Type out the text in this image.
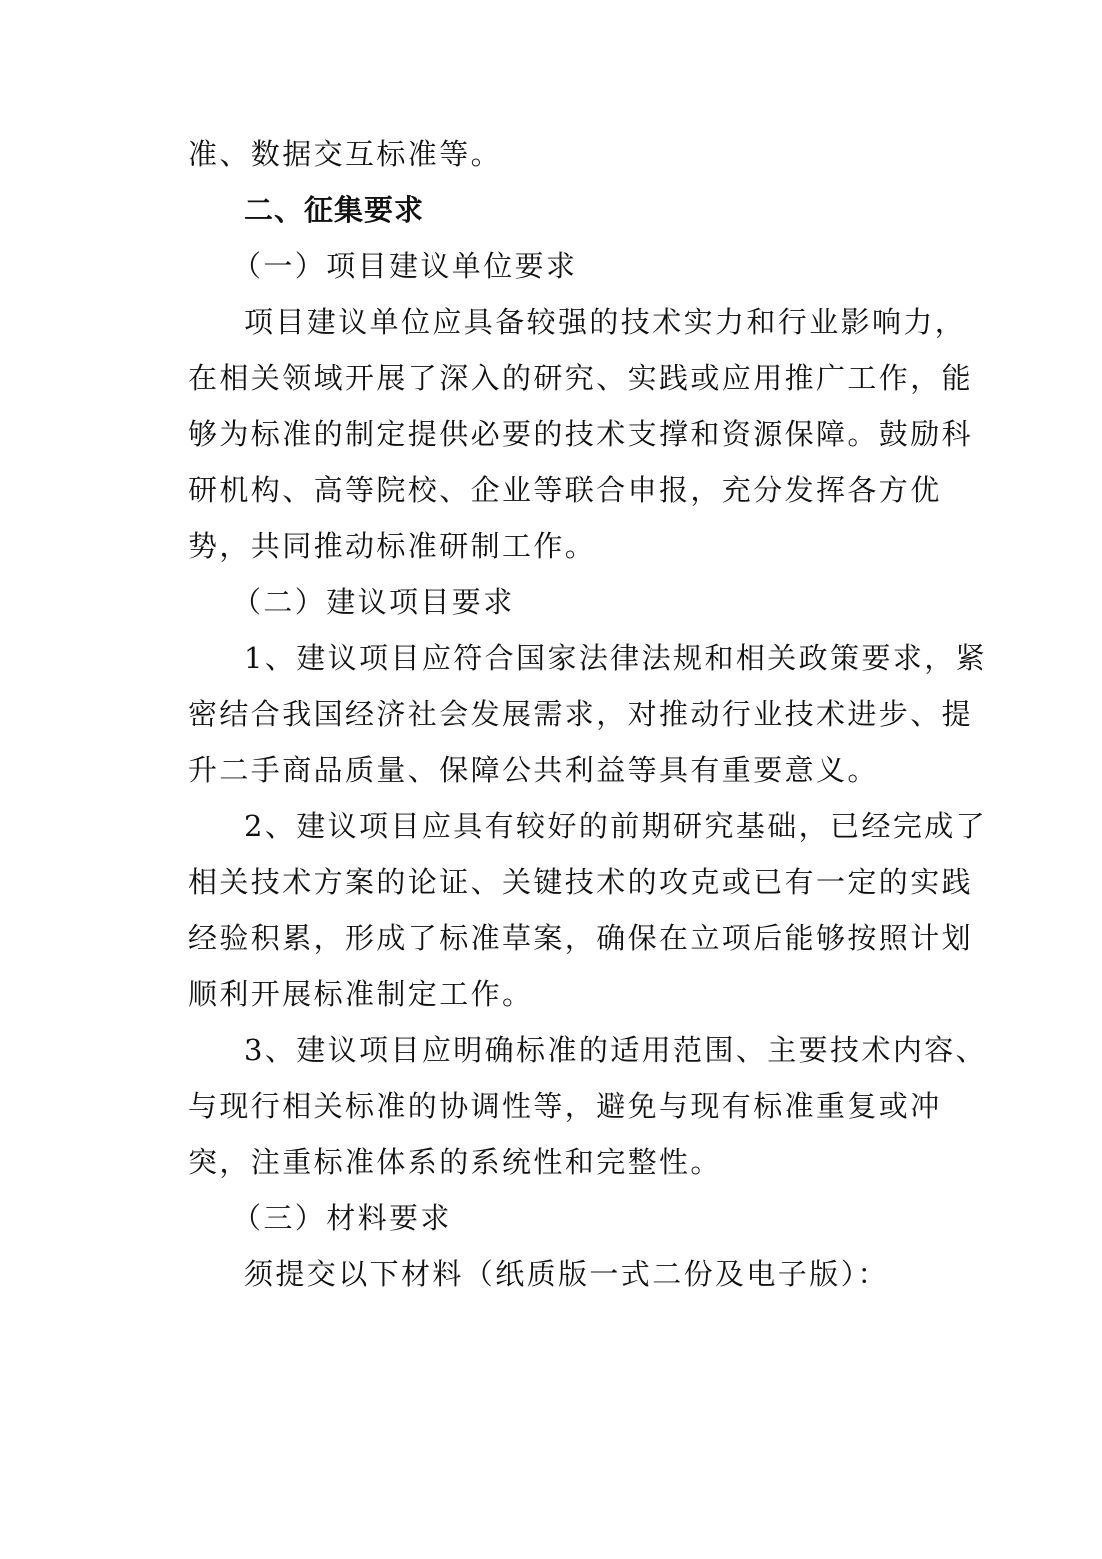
准、数据交互标准等。

二、征集要求

（一）项目建议单位要求

项目建议单位应具备较强的技术实力和行业影响力，

在相关领域开展了深入的研究、实践或应用推广工作，能

够为标准的制定提供必要的技术支撑和资源保障。鼓励科

研机构、高等院校、企业等联合申报，充分发挥各方优

势，共同推动标准研制工作。

（二）建议项目要求

1、建议项目应符合国家法律法规和相关政策要求，紧

密结合我国经济社会发展需求，对推动行业技术进步、提

升二手商品质量、保障公共利益等具有重要意义。

2、建议项目应具有较好的前期研究基础，已经完成了

相关技术方案的论证、关键技术的攻克或已有一定的实践

经验积累，形成了标准草案，确保在立项后能够按照计划

顺利开展标准制定工作。

3、建议项目应明确标准的适用范围、主要技术内容、

与现行相关标准的协调性等，避免与现有标准重复或冲

突，注重标准体系的系统性和完整性。

（三）材料要求

须提交以下材料（纸质版一式二份及电子版）：
